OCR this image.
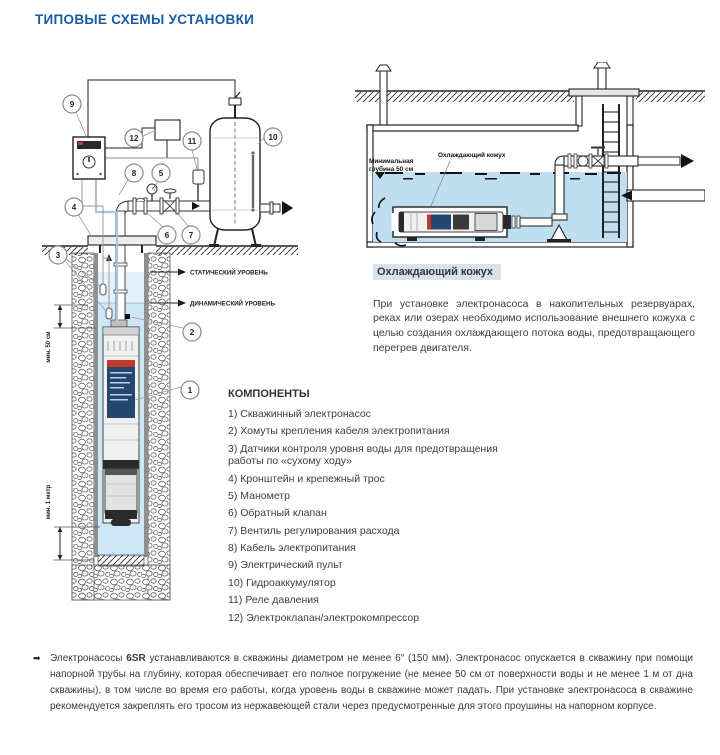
ТИПОВЫЕ СХЕМЫ УСТАНОВКИ
СТАТИЧЕСКИЙ УРОВЕНЬ
ДИНАМИЧЕСКИЙ УРОВЕНЬ
мин. 50 см
мин. 1 метр
9
12	11	10
8	5
4
6 7
3
2
1
Минимальная
глубина 50 см
Охлаждающий кожух
Охлаждающий кожух

При установке электронасоса в накопительных резервуарах, реках или озерах необходимо использование внешнего кожуха с целью создания охлаждающего потока воды, предотвращающего перегрев двигателя.

КОМПОНЕНТЫ
1) Скважинный электронасос
2) Хомуты крепления кабеля электропитания
3) Датчики контроля уровня воды для предотвращения работы по «сухому ходу»
4) Кронштейн и крепежный трос
5) Манометр
6) Обратный клапан
7) Вентиль регулирования расхода
8) Кабель электропитания
9) Электрический пульт
10) Гидроаккумулятор
11) Реле давления
12) Электроклапан/электрокомпрессор
➡ Электронасосы 6SR устанавливаются в скважины диаметром не менее 6″ (150 мм). Электронасос опускается в скважину при помощи напорной трубы на глубину, которая обеспечивает его полное погружение (не менее 50 см от поверхности воды и не менее 1 м от дна скважины), в том числе во время его работы, когда уровень воды в скважине может падать. При установке электронасоса в скважине рекомендуется закреплять его тросом из нержавеющей стали через предусмотренные для этого проушины на напорном корпусе.
